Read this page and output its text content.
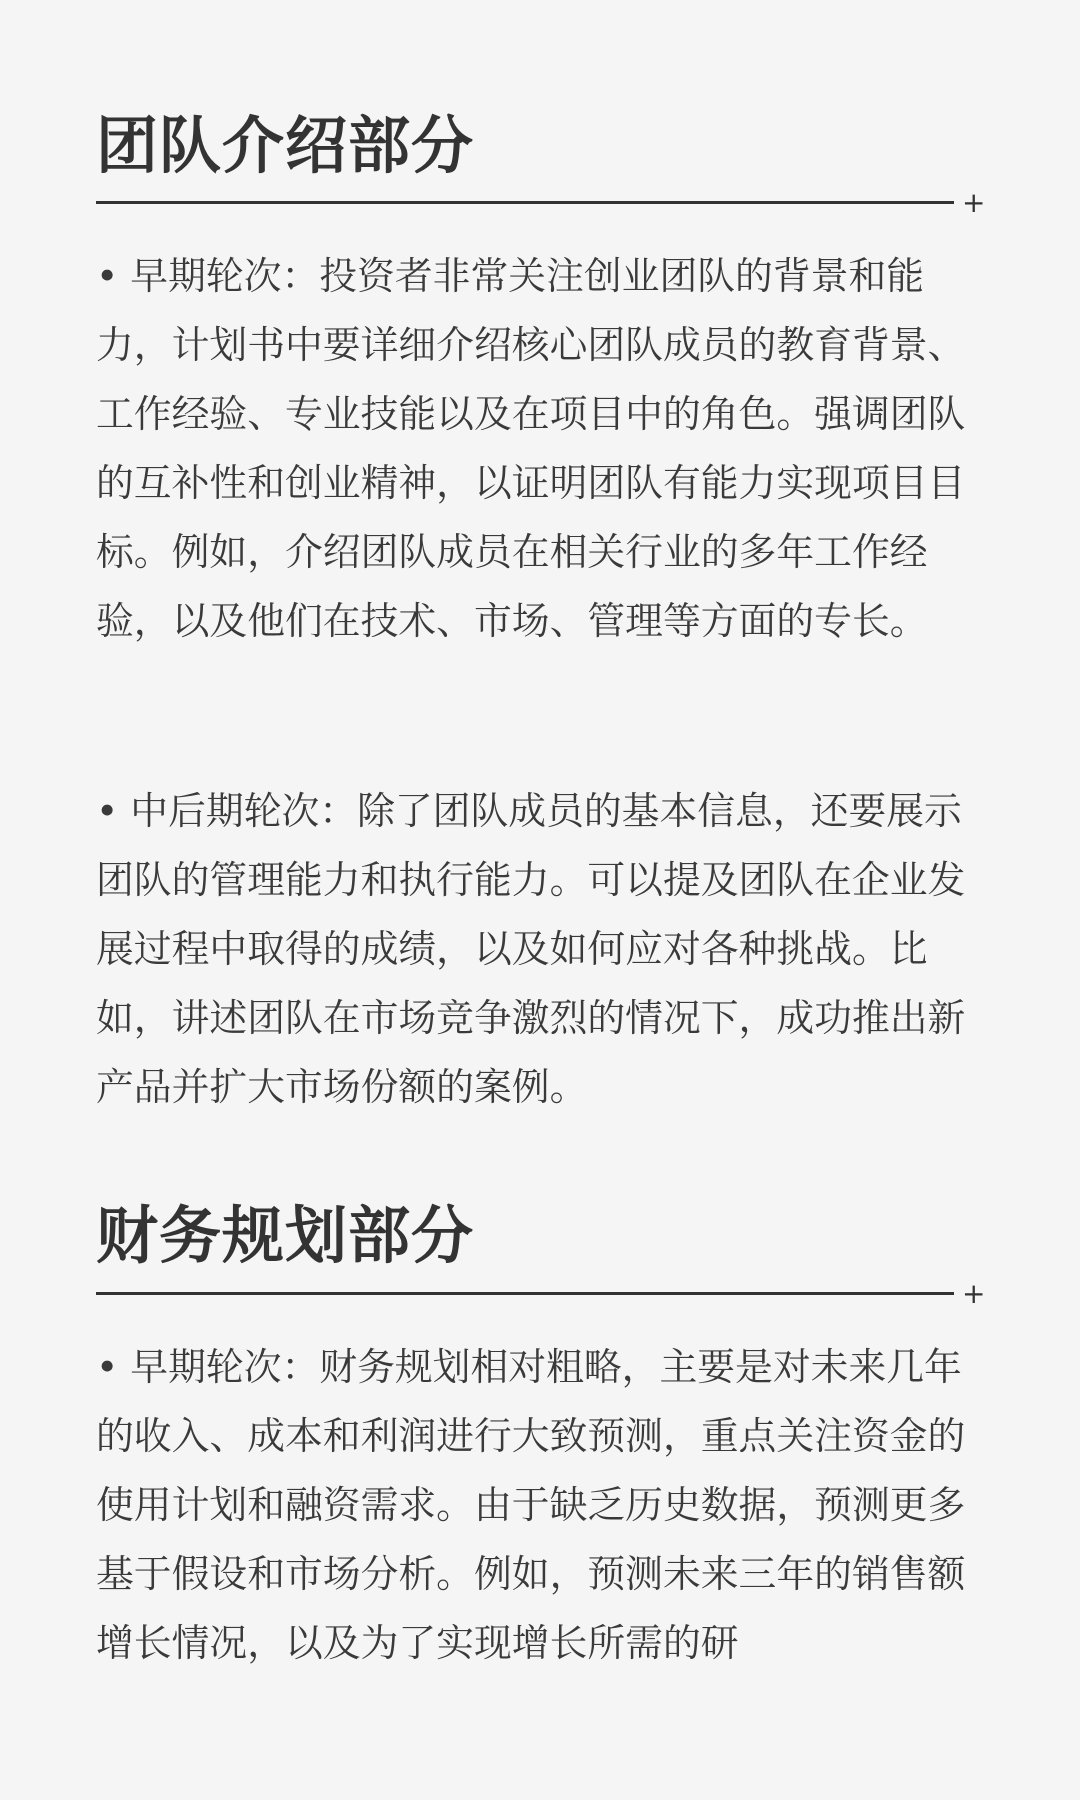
团队介绍部分
+

• 早期轮次：投资者非常关注创业团队的背景和能力，计划书中要详细介绍核心团队成员的教育背景、工作经验、专业技能以及在项目中的角色。强调团队的互补性和创业精神，以证明团队有能力实现项目目标。例如，介绍团队成员在相关行业的多年工作经验，以及他们在技术、市场、管理等方面的专长。

• 中后期轮次：除了团队成员的基本信息，还要展示团队的管理能力和执行能力。可以提及团队在企业发展过程中取得的成绩，以及如何应对各种挑战。比如，讲述团队在市场竞争激烈的情况下，成功推出新产品并扩大市场份额的案例。

财务规划部分
+

• 早期轮次：财务规划相对粗略，主要是对未来几年的收入、成本和利润进行大致预测，重点关注资金的使用计划和融资需求。由于缺乏历史数据，预测更多基于假设和市场分析。例如，预测未来三年的销售额增长情况，以及为了实现增长所需的研
